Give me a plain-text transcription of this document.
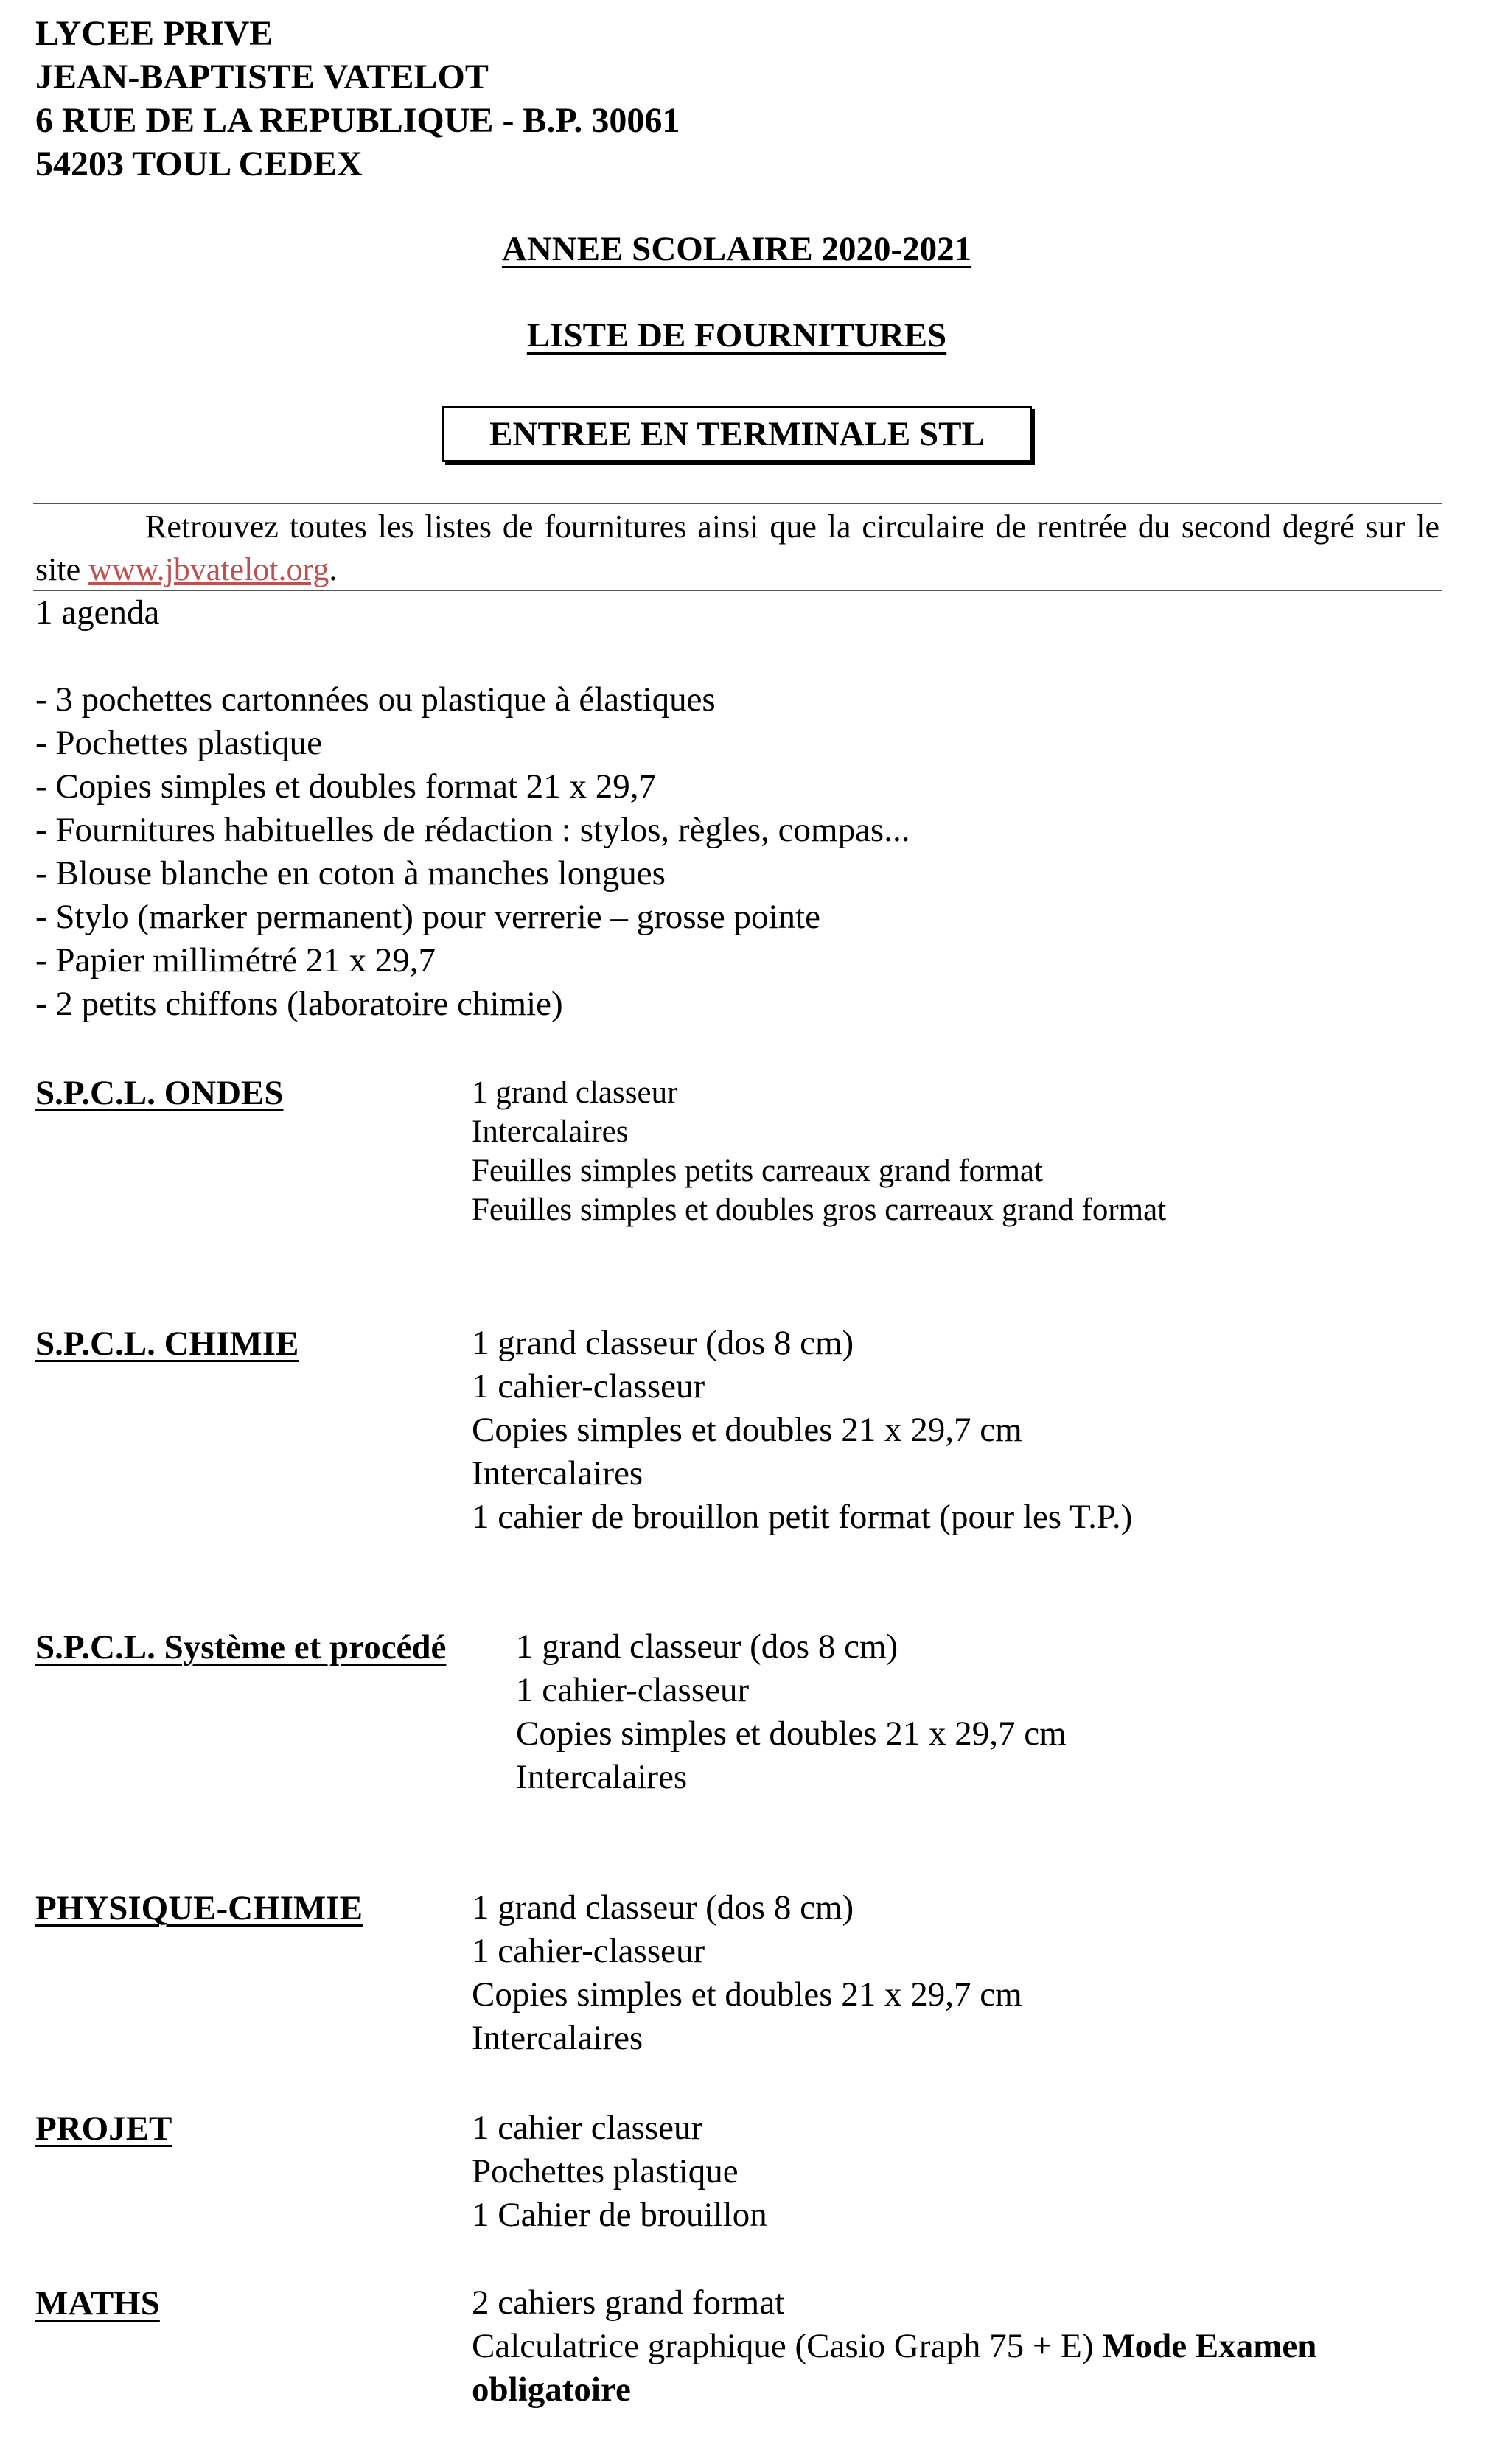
LYCEE PRIVE
JEAN-BAPTISTE VATELOT
6 RUE DE LA REPUBLIQUE - B.P. 30061
54203 TOUL CEDEX
ANNEE SCOLAIRE 2020-2021
LISTE DE FOURNITURES
ENTREE EN TERMINALE STL
Retrouvez toutes les listes de fournitures ainsi que la circulaire de rentrée du second degré sur le site www.jbvatelot.org.
1 agenda
- 3 pochettes cartonnées ou plastique à élastiques
- Pochettes plastique
- Copies simples et doubles format 21 x 29,7
- Fournitures habituelles de rédaction : stylos, règles, compas...
- Blouse blanche en coton à manches longues
- Stylo (marker permanent) pour verrerie – grosse pointe
- Papier millimétré 21 x 29,7
- 2 petits chiffons (laboratoire chimie)
S.P.C.L. ONDES	1 grand classeur
Intercalaires
Feuilles simples petits carreaux grand format
Feuilles simples et doubles gros carreaux grand format
S.P.C.L. CHIMIE	1 grand classeur (dos 8 cm)
1 cahier-classeur
Copies simples et doubles 21 x 29,7 cm
Intercalaires
1 cahier de brouillon petit format (pour les T.P.)
S.P.C.L. Système et procédé 1 grand classeur (dos 8 cm)
1 cahier-classeur
Copies simples et doubles 21 x 29,7 cm
Intercalaires
PHYSIQUE-CHIMIE	1 grand classeur (dos 8 cm)
1 cahier-classeur
Copies simples et doubles 21 x 29,7 cm
Intercalaires
PROJET	1 cahier classeur
Pochettes plastique
1 Cahier de brouillon
MATHS	2 cahiers grand format
Calculatrice graphique (Casio Graph 75 + E) Mode Examen
obligatoire
